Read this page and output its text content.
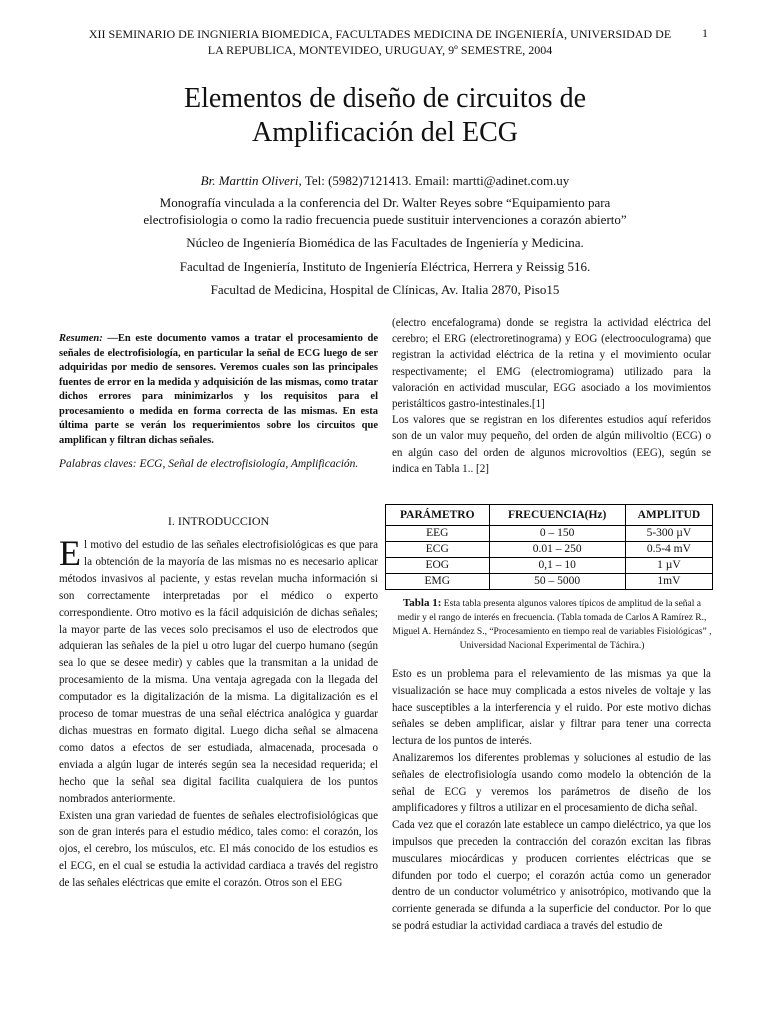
XII SEMINARIO DE INGNIERIA BIOMEDICA, FACULTADES MEDICINA DE INGENIERÍA, UNIVERSIDAD DE
LA REPUBLICA, MONTEVIDEO, URUGUAY, 9º SEMESTRE, 2004
1
Elementos de diseño de circuitos de
Amplificación del ECG
Br. Marttin Oliveri, Tel: (5982)7121413. Email: martti@adinet.com.uy
Monografía vinculada a la conferencia del Dr. Walter Reyes sobre “Equipamiento para
electrofisiologia o como la radio frecuencia puede sustituir intervenciones a corazón abierto”
Núcleo de Ingeniería Biomédica de las Facultades de Ingeniería y Medicina.
Facultad de Ingeniería, Instituto de Ingeniería Eléctrica, Herrera y Reissig 516.
Facultad de Medicina, Hospital de Clínicas, Av. Italia 2870, Piso15
Resumen: —En este documento vamos a tratar el procesamiento de señales de electrofisiología, en particular la señal de ECG luego de ser adquiridas por medio de sensores. Veremos cuales son las principales fuentes de error en la medida y adquisición de las mismas, como tratar dichos errores para minimizarlos y los requisitos para el procesamiento o medida en forma correcta de las mismas. En esta última parte se verán los requerimientos sobre los circuitos que amplifican y filtran dichas señales.
Palabras claves: ECG, Señal de electrofisiología, Amplificación.
I. INTRODUCCION

El motivo del estudio de las señales electrofisiológicas es que para la obtención de la mayoría de las mismas no es necesario aplicar métodos invasivos al paciente, y estas revelan mucha información si son correctamente interpretadas por el médico o experto correspondiente. Otro motivo es la fácil adquisición de dichas señales; la mayor parte de las veces solo precisamos el uso de electrodos que adquieran las señales de la piel u otro lugar del cuerpo humano (según sea lo que se desee medir) y cables que la transmitan a la unidad de procesamiento de la misma. Una ventaja agregada con la llegada del computador es la digitalización de la misma. La digitalización es el proceso de tomar muestras de una señal eléctrica analógica y guardar dichas muestras en formato digital. Luego dicha señal se almacena como datos a efectos de ser estudiada, almacenada, procesada o enviada a algún lugar de interés según sea la necesidad requerida; el hecho que la señal sea digital facilita cualquiera de los puntos nombrados anteriormente.

Existen una gran variedad de fuentes de señales electrofisiológicas que son de gran interés para el estudio médico, tales como: el corazón, los ojos, el cerebro, los músculos, etc. El más conocido de los estudios es el ECG, en el cual se estudia la actividad cardiaca a través del registro de las señales eléctricas que emite el corazón. Otros son el EEG

(electro encefalograma) donde se registra la actividad eléctrica del cerebro; el ERG (electroretinograma) y EOG (electrooculograma) que registran la actividad eléctrica de la retina y el movimiento ocular respectivamente; el EMG (electromiograma) utilizado para la valoración en actividad muscular, EGG asociado a los movimientos peristálticos gastro-intestinales.[1]

Los valores que se registran en los diferentes estudios aquí referidos son de un valor muy pequeño, del orden de algún milivoltio (ECG) o en algún caso del orden de algunos microvoltios (EEG), según se indica en Tabla 1.. [2]

PARÁMETRO	FRECUENCIA(Hz)	AMPLITUD
EEG	0 – 150	5-300 µV
ECG	0.01 – 250	0.5-4 mV
EOG	0,1 – 10	1 µV
EMG	50 – 5000	1mV
Tabla 1: Esta tabla presenta algunos valores típicos de amplitud de la señal a medir y el rango de interés en frecuencia. (Tabla tomada de Carlos A Ramírez R., Miguel A. Hernández S., “Procesamiento en tiempo real de variables Fisiológicas” , Universidad Nacional Experimental de Táchira.)

Esto es un problema para el relevamiento de las mismas ya que la visualización se hace muy complicada a estos niveles de voltaje y las hace susceptibles a la interferencia y el ruido. Por este motivo dichas señales se deben amplificar, aislar y filtrar para tener una correcta lectura de los puntos de interés.

Analizaremos los diferentes problemas y soluciones al estudio de las señales de electrofisiología usando como modelo la obtención de la señal de ECG y veremos los parámetros de diseño de los amplificadores y filtros a utilizar en el procesamiento de dicha señal.

Cada vez que el corazón late establece un campo dieléctrico, ya que los impulsos que preceden la contracción del corazón excitan las fibras musculares miocárdicas y producen corrientes eléctricas que se difunden por todo el cuerpo; el corazón actúa como un generador dentro de un conductor volumétrico y anisotrópico, motivando que la corriente generada se difunda a la superficie del conductor. Por lo que se podrá estudiar la actividad cardiaca a través del estudio de
